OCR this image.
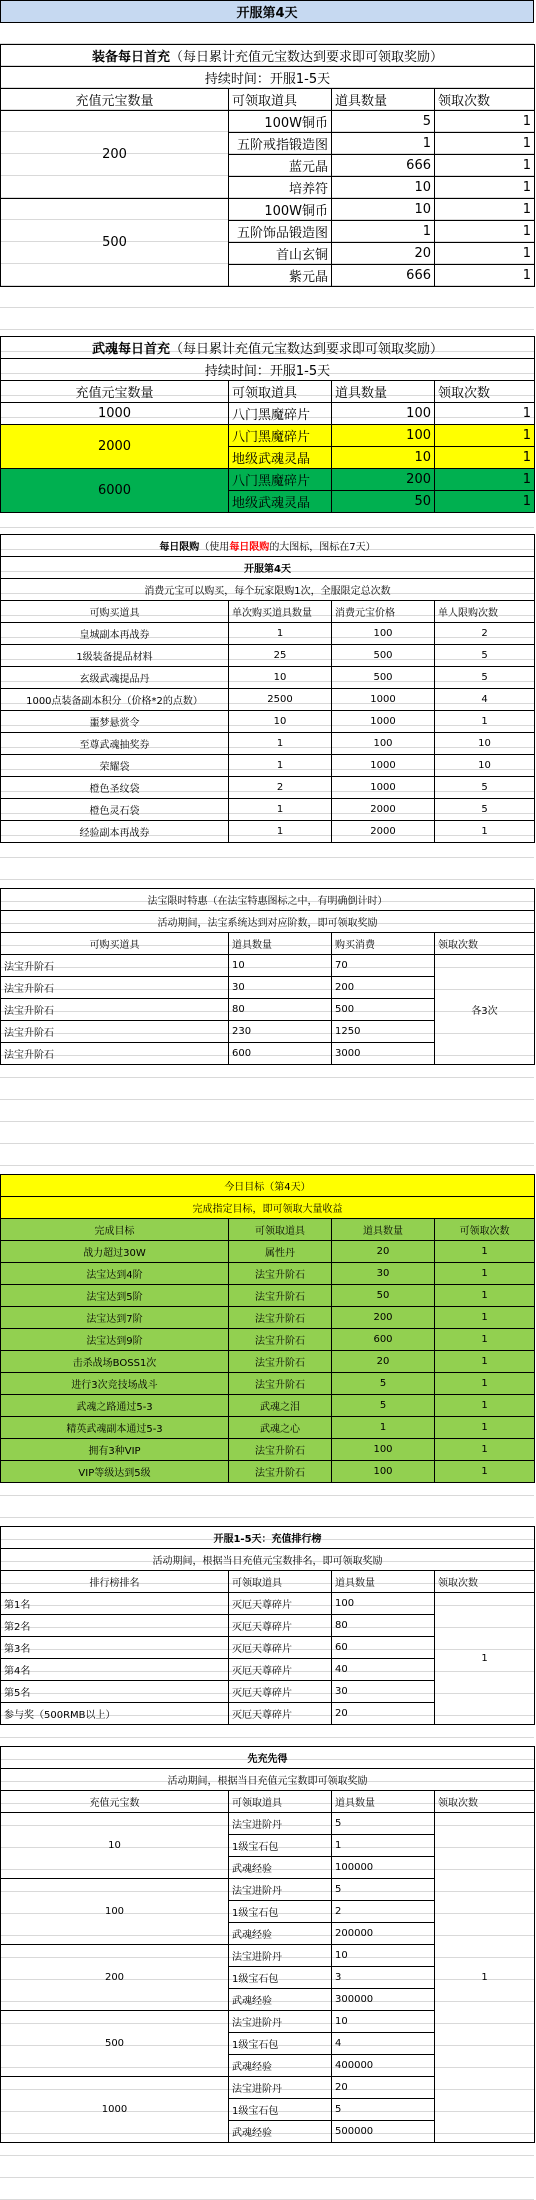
开服第4天
装备每日首充（每日累计充值元宝数达到要求即可领取奖励）			
持续时间：开服1-5天			
充值元宝数量	可领取道具	道具数量	领取次数
200	100W铜币	5	1
	五阶戒指锻造图	1	1
	蓝元晶	666	1
	培养符	10	1
500	100W铜币	10	1
	五阶饰品锻造图	1	1
	首山玄铜	20	1
	紫元晶	666	1
武魂每日首充（每日累计充值元宝数达到要求即可领取奖励）			
持续时间：开服1-5天			
充值元宝数量	可领取道具	道具数量	领取次数
1000	八门黑魔碎片	100	1
2000	八门黑魔碎片	100	1
	地级武魂灵晶	10	1
6000	八门黑魔碎片	200	1
	地级武魂灵晶	50	1
每日限购（使用每日限购的大图标，图标在7天）			
开服第4天			
消费元宝可以购买，每个玩家限购1次，全服限定总次数			
可购买道具	单次购买道具数量	消费元宝价格	单人限购次数
皇城副本再战券	1	100	2
1级装备提品材料	25	500	5
玄级武魂提品丹	10	500	5
1000点装备副本积分（价格*2的点数）	2500	1000	4
噩梦悬赏令	10	1000	1
至尊武魂抽奖券	1	100	10
荣耀袋	1	1000	10
橙色圣纹袋	2	1000	5
橙色灵石袋	1	2000	5
经验副本再战券	1	2000	1
法宝限时特惠（在法宝特惠图标之中，有明确倒计时）			
活动期间，法宝系统达到对应阶数，即可领取奖励			
可购买道具	道具数量	购买消费	领取次数
法宝升阶石	10	70	各3次
法宝升阶石	30	200	
法宝升阶石	80	500	
法宝升阶石	230	1250	
法宝升阶石	600	3000	
今日目标（第4天）			
完成指定目标，即可领取大量收益			
完成目标	可领取道具	道具数量	可领取次数
战力超过30W	属性丹	20	1
法宝达到4阶	法宝升阶石	30	1
法宝达到5阶	法宝升阶石	50	1
法宝达到7阶	法宝升阶石	200	1
法宝达到9阶	法宝升阶石	600	1
击杀战场BOSS1次	法宝升阶石	20	1
进行3次竞技场战斗	法宝升阶石	5	1
武魂之路通过5-3	武魂之泪	5	1
精英武魂副本通过5-3	武魂之心	1	1
拥有3种VIP	法宝升阶石	100	1
VIP等级达到5级	法宝升阶石	100	1
开服1-5天：充值排行榜			
活动期间，根据当日充值元宝数排名，即可领取奖励			
排行榜排名	可领取道具	道具数量	领取次数
第1名	灭厄天尊碎片	100	1
第2名	灭厄天尊碎片	80	
第3名	灭厄天尊碎片	60	
第4名	灭厄天尊碎片	40	
第5名	灭厄天尊碎片	30	
参与奖（500RMB以上）	灭厄天尊碎片	20	
先充先得			
活动期间，根据当日充值元宝数即可领取奖励			
充值元宝数	可领取道具	道具数量	领取次数
10	法宝进阶丹	5	1
	1级宝石包	1	
	武魂经验	100000	
100	法宝进阶丹	5	
	1级宝石包	2	
	武魂经验	200000	
200	法宝进阶丹	10	
	1级宝石包	3	
	武魂经验	300000	
500	法宝进阶丹	10	
	1级宝石包	4	
	武魂经验	400000	
1000	法宝进阶丹	20	
	1级宝石包	5	
	武魂经验	500000	
